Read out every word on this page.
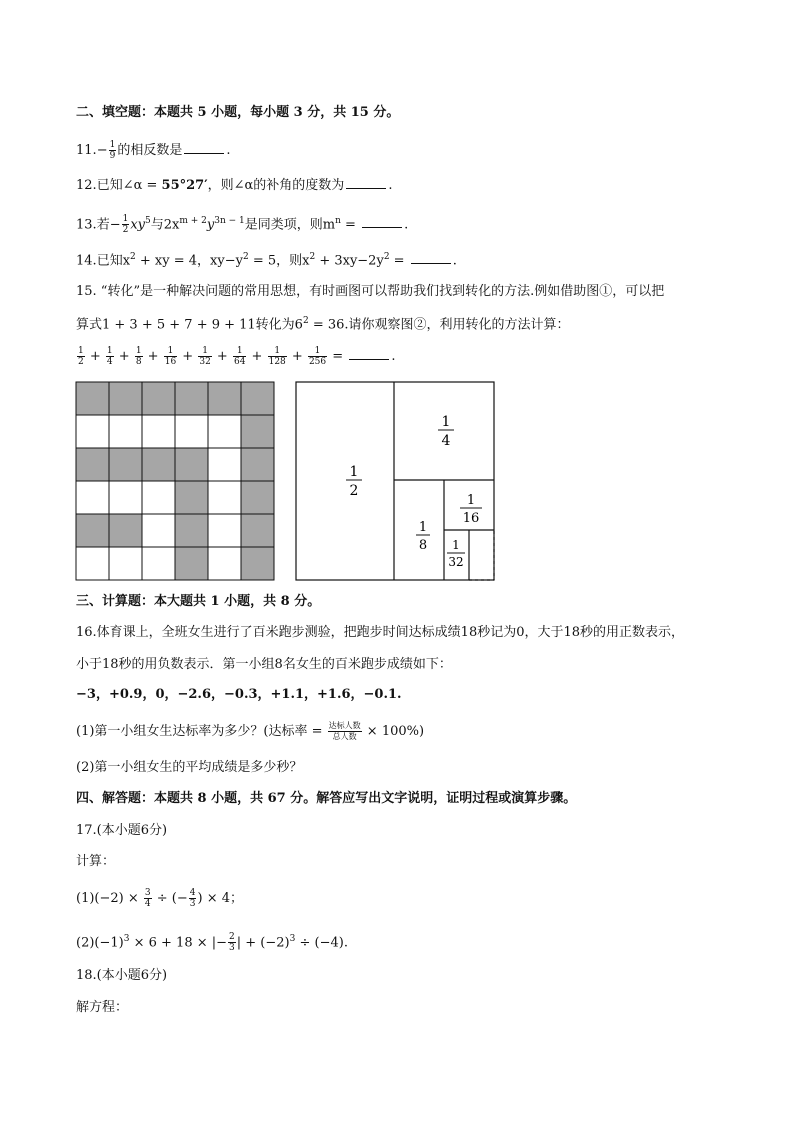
二、填空题：本题共 5 小题，每小题 3 分，共 15 分。
$11.- \frac{1}{9}$ 的相反数是	.
12.已知∠α = 55°27′，则∠α的补角的度数为	.
13.若− $\frac{1}{2} xy^5$与$2x^{m + 2}y^{3n - 1}$是同类项，则$m^n$ =	.
14.已知$x^2$ + xy = 4，$xy-y^2 = 5$，则$x^2 + 3xy-2y^2$ =	.
15. “转化”是一种解决问题的常用思想，有时画图可以帮助我们找到转化的方法.例如借助图①，可以把
算式1 + 3 + 5 + 7 + 9 + 11转化为$6^2 = 36$.请你观察图②，利用转化的方法计算：
$\frac{1}{2} + \frac{1}{4} + \frac{1}{8} + \frac{1}{16} + \frac{1}{32} + \frac{1}{64} + \frac{1}{128} + \frac{1}{256}$ =	.
1
2
1
4
1
8
1
16
1
32
三、计算题：本大题共 1 小题，共 8 分。
16.体育课上，全班女生进行了百米跑步测验，把跑步时间达标成绩18秒记为0，大于18秒的用正数表示，
小于18秒的用负数表示．第一小组8名女生的百米跑步成绩如下：
−3，+0.9，0，−2.6，−0.3，+1.1，+1.6，−0.1.
(1)第一小组女生达标率为多少？(达标率 = $\frac{\text{达标人数}}{\text{总人数}} \times 100\%$)
(2)第一小组女生的平均成绩是多少秒？
四、解答题：本题共 8 小题，共 67 分。解答应写出文字说明，证明过程或演算步骤。
17.(本小题6分)
计算：
$(1)(-2) \times \frac{3}{4}$ ÷ (− $\frac{4}{3}$ ) × 4；
$(2)(-1)^3 \times 6 + 18$ × |− $\frac{2}{3}$ | + $(-2)^3 \div (-4)$.
18.(本小题6分)
解方程：
